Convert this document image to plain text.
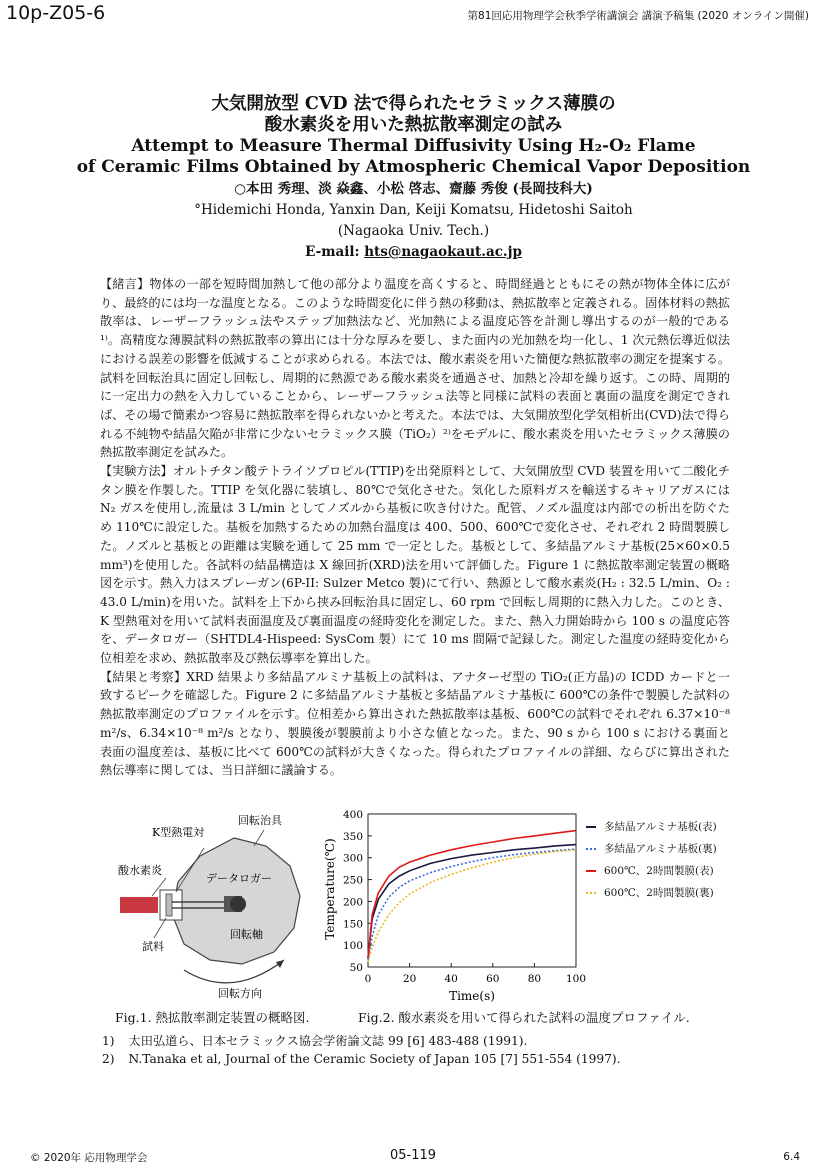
10p-Z05-6	第81回応用物理学会秋季学術講演会 講演予稿集 (2020 オンライン開催)
大気開放型 CVD 法で得られたセラミックス薄膜の
酸水素炎を用いた熱拡散率測定の試み
Attempt to Measure Thermal Diffusivity Using H₂-O₂ Flame
of Ceramic Films Obtained by Atmospheric Chemical Vapor Deposition
○本田 秀理、淡 焱鑫、小松 啓志、齋藤 秀俊 (長岡技科大)
°Hidemichi Honda, Yanxin Dan, Keiji Komatsu, Hidetoshi Saitoh
(Nagaoka Univ. Tech.)
E-mail: hts@nagaokaut.ac.jp

【緒言】物体の一部を短時間加熱して他の部分より温度を高くすると、時間経過とともにその熱が物体全体に広がり、最終的には均一な温度となる。このような時間変化に伴う熱の移動は、熱拡散率と定義される。固体材料の熱拡散率は、レーザーフラッシュ法やステップ加熱法など、光加熱による温度応答を計測し導出するのが一般的である¹⁾。高精度な薄膜試料の熱拡散率の算出には十分な厚みを要し、また面内の光加熱を均一化し、1 次元熱伝導近似法における誤差の影響を低減することが求められる。本法では、酸水素炎を用いた簡便な熱拡散率の測定を提案する。試料を回転治具に固定し回転し、周期的に熱源である酸水素炎を通過させ、加熱と冷却を繰り返す。この時、周期的に一定出力の熱を入力していることから、レーザーフラッシュ法等と同様に試料の表面と裏面の温度を測定できれば、その場で簡素かつ容易に熱拡散率を得られないかと考えた。本法では、大気開放型化学気相析出(CVD)法で得られる不純物や結晶欠陥が非常に少ないセラミックス膜（TiO₂）²⁾をモデルに、酸水素炎を用いたセラミックス薄膜の熱拡散率測定を試みた。

【実験方法】オルトチタン酸テトライソプロピル(TTIP)を出発原料として、大気開放型 CVD 装置を用いて二酸化チタン膜を作製した。TTIP を気化器に装填し、80℃で気化させた。気化した原料ガスを輸送するキャリアガスには N₂ ガスを使用し,流量は 3 L/min としてノズルから基板に吹き付けた。配管、ノズル温度は内部での析出を防ぐため 110℃に設定した。基板を加熱するための加熱台温度は 400、500、600℃で変化させ、それぞれ 2 時間製膜した。ノズルと基板との距離は実験を通して 25 mm で一定とした。基板として、多結晶アルミナ基板(25×60×0.5 mm³)を使用した。各試料の結晶構造は X 線回折(XRD)法を用いて評価した。Figure 1 に熱拡散率測定装置の概略図を示す。熱入力はスプレーガン(6P-II: Sulzer Metco 製)にて行い、熱源として酸水素炎(H₂ : 32.5 L/min、O₂ : 43.0 L/min)を用いた。試料を上下から挟み回転治具に固定し、60 rpm で回転し周期的に熱入力した。このとき、K 型熱電対を用いて試料表面温度及び裏面温度の経時変化を測定した。また、熱入力開始時から 100 s の温度応答を、データロガー（SHTDL4-Hispeed: SysCom 製）にて 10 ms 間隔で記録した。測定した温度の経時変化から位相差を求め、熱拡散率及び熱伝導率を算出した。

【結果と考察】XRD 結果より多結晶アルミナ基板上の試料は、アナターゼ型の TiO₂(正方晶)の ICDD カードと一致するピークを確認した。Figure 2 に多結晶アルミナ基板と多結晶アルミナ基板に 600℃の条件で製膜した試料の熱拡散率測定のプロファイルを示す。位相差から算出された熱拡散率は基板、600℃の試料でそれぞれ 6.37×10⁻⁸ m²/s、6.34×10⁻⁸ m²/s となり、製膜後が製膜前より小さな値となった。また、90 s から 100 s における裏面と表面の温度差は、基板に比べて 600℃の試料が大きくなった。得られたプロファイルの詳細、ならびに算出された熱伝導率に関しては、当日詳細に議論する。

K型熱電対
回転治具
酸水素炎
データロガー
試料
回転軸
回転方向
50
100
150
200
250
300
350
400
0	20	40	60	80 100
Time(s)
Temperature(℃)
多結晶アルミナ基板(表)
多結晶アルミナ基板(裏)
600℃、2時間製膜(表)
600℃、2時間製膜(裏)
Fig.1. 熱拡散率測定装置の概略図.	Fig.2. 酸水素炎を用いて得られた試料の温度プロファイル.
1) 太田弘道ら、日本セラミックス協会学術論文誌 99 [6] 483-488 (1991).
2) N.Tanaka et al, Journal of the Ceramic Society of Japan 105 [7] 551-554 (1997).
© 2020年 応用物理学会	05-119	6.4
